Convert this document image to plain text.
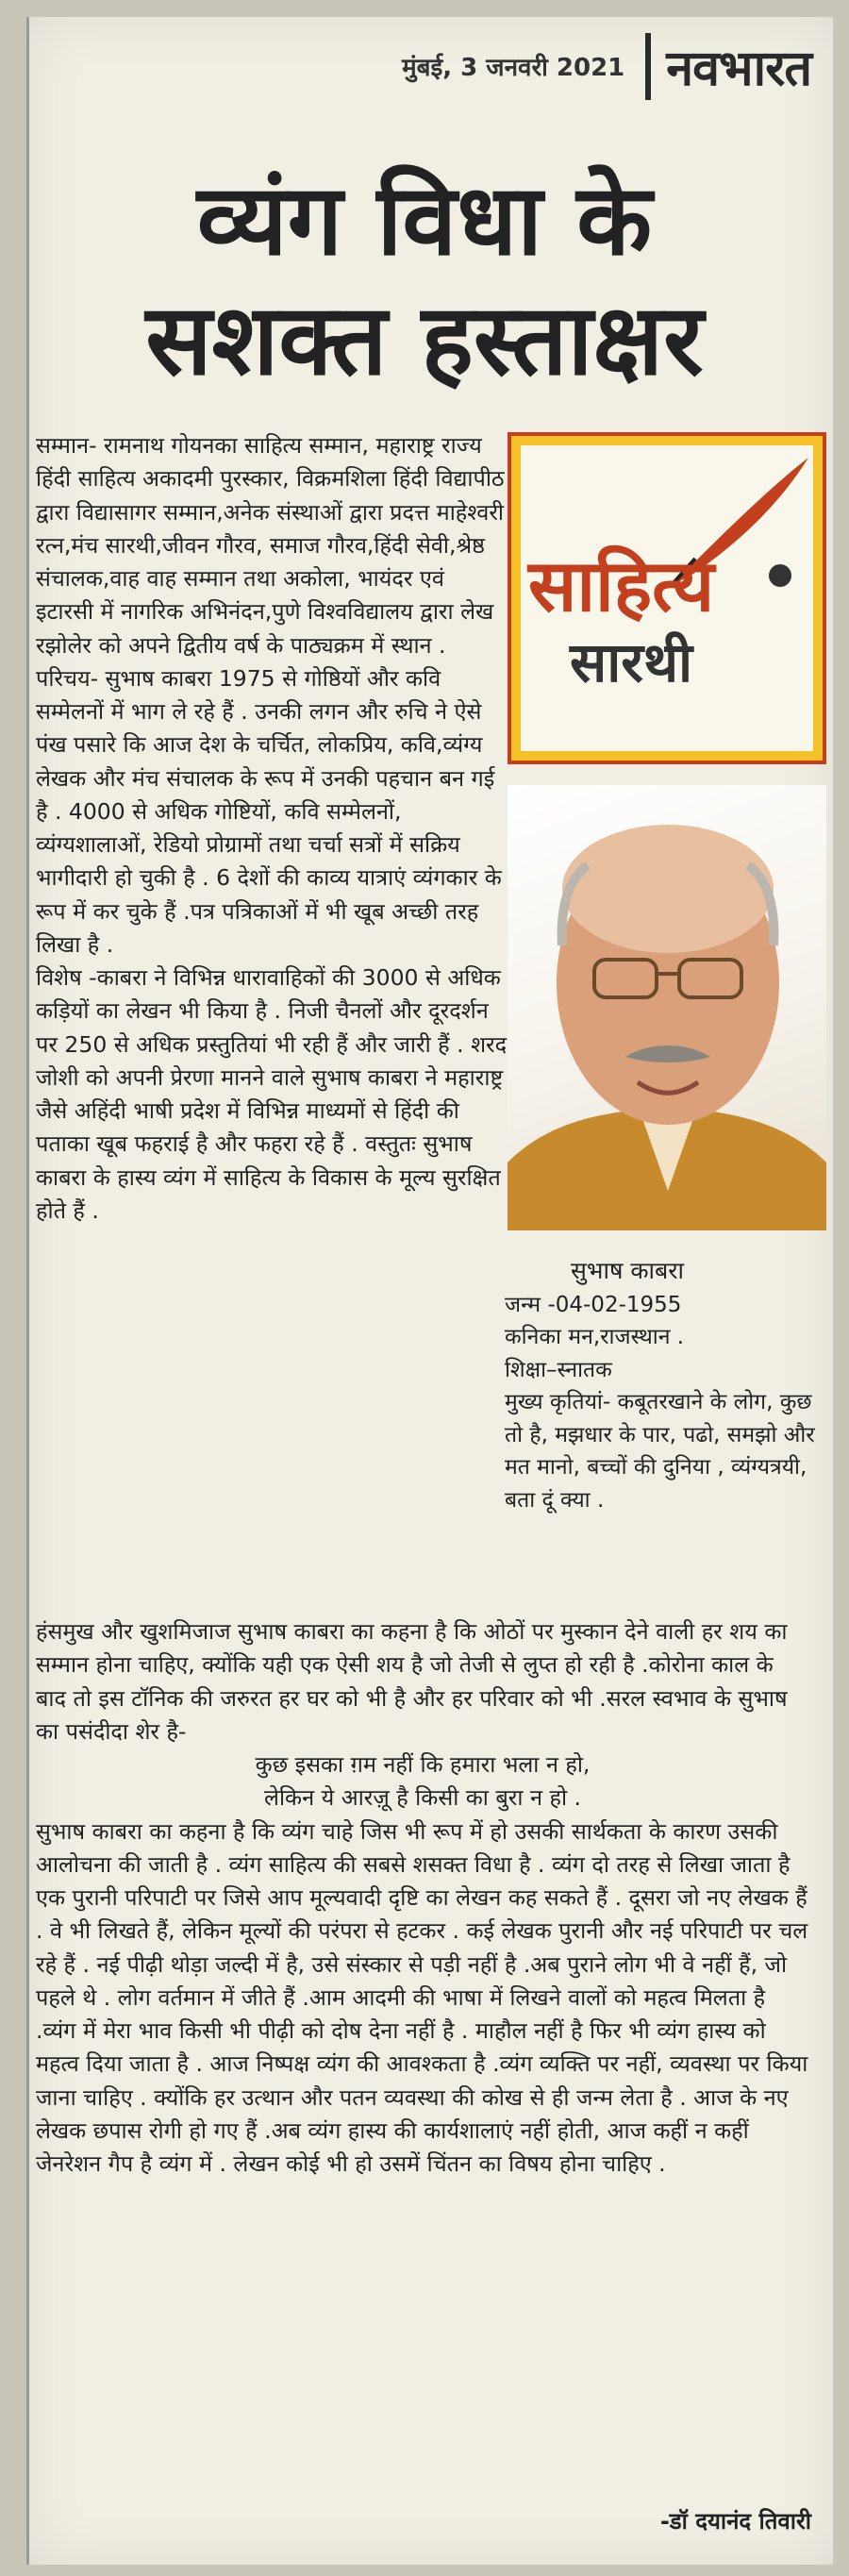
मुंबई, 3 जनवरी 2021 नवभारत
व्यंग विधा के
सशक्त हस्ताक्षर

सम्मान- रामनाथ गोयनका साहित्य सम्मान, महाराष्ट्र राज्य हिंदी साहित्य अकादमी पुरस्कार, विक्रमशिला हिंदी विद्यापीठ द्वारा विद्यासागर सम्मान,अनेक संस्थाओं द्वारा प्रदत्त माहेश्वरी रत्न,मंच सारथी,जीवन गौरव, समाज गौरव,हिंदी सेवी,श्रेष्ठ संचालक,वाह वाह सम्मान तथा अकोला, भायंदर एवं इटारसी में नागरिक अभिनंदन,पुणे विश्वविद्यालय द्वारा लेख रझोलेर को अपने द्वितीय वर्ष के पाठ्यक्रम में स्थान .

परिचय- सुभाष काबरा 1975 से गोष्ठियों और कवि सम्मेलनों में भाग ले रहे हैं . उनकी लगन और रुचि ने ऐसे पंख पसारे कि आज देश के चर्चित, लोकप्रिय, कवि,व्यंग्य लेखक और मंच संचालक के रूप में उनकी पहचान बन गई है . 4000 से अधिक गोष्टियों, कवि सम्मेलनों, व्यंग्यशालाओं, रेडियो प्रोग्रामों तथा चर्चा सत्रों में सक्रिय भागीदारी हो चुकी है . 6 देशों की काव्य यात्राएं व्यंगकार के रूप में कर चुके हैं .पत्र पत्रिकाओं में भी खूब अच्छी तरह लिखा है .

विशेष -काबरा ने विभिन्न धारावाहिकों की 3000 से अधिक कड़ियों का लेखन भी किया है . निजी चैनलों और दूरदर्शन पर 250 से अधिक प्रस्तुतियां भी रही हैं और जारी हैं . शरद जोशी को अपनी प्रेरणा मानने वाले सुभाष काबरा ने महाराष्ट्र जैसे अहिंदी भाषी प्रदेश में विभिन्न माध्यमों से हिंदी की पताका खूब फहराई है और फहरा रहे हैं . वस्तुतः सुभाष काबरा के हास्य व्यंग में साहित्य के विकास के मूल्य सुरक्षित होते हैं .

साहित्य
सारथी
सुभाष काबरा
जन्म -04-02-1955
कनिका मन,राजस्थान .
शिक्षा–स्नातक
मुख्य कृतियां- कबूतरखाने के लोग, कुछ तो है, मझधार के पार, पढो, समझो और मत मानो, बच्चों की दुनिया , व्यंग्यत्रयी, बता दूं क्या .

हंसमुख और खुशमिजाज सुभाष काबरा का कहना है कि ओठों पर मुस्कान देने वाली हर शय का सम्मान होना चाहिए, क्योंकि यही एक ऐसी शय है जो तेजी से लुप्त हो रही है .कोरोना काल के बाद तो इस टॉनिक की जरुरत हर घर को भी है और हर परिवार को भी .सरल स्वभाव के सुभाष का पसंदीदा शेर है-

कुछ इसका ग़म नहीं कि हमारा भला न हो,

लेकिन ये आरज़ू है किसी का बुरा न हो .

सुभाष काबरा का कहना है कि व्यंग चाहे जिस भी रूप में हो उसकी सार्थकता के कारण उसकी आलोचना की जाती है . व्यंग साहित्य की सबसे शसक्त विधा है . व्यंग दो तरह से लिखा जाता है एक पुरानी परिपाटी पर जिसे आप मूल्यवादी दृष्टि का लेखन कह सकते हैं . दूसरा जो नए लेखक हैं . वे भी लिखते हैं, लेकिन मूल्यों की परंपरा से हटकर . कई लेखक पुरानी और नई परिपाटी पर चल रहे हैं . नई पीढ़ी थोड़ा जल्दी में है, उसे संस्कार से पड़ी नहीं है .अब पुराने लोग भी वे नहीं हैं, जो पहले थे . लोग वर्तमान में जीते हैं .आम आदमी की भाषा में लिखने वालों को महत्व मिलता है .व्यंग में मेरा भाव किसी भी पीढ़ी को दोष देना नहीं है . माहौल नहीं है फिर भी व्यंग हास्य को महत्व दिया जाता है . आज निष्पक्ष व्यंग की आवश्कता है .व्यंग व्यक्ति पर नहीं, व्यवस्था पर किया जाना चाहिए . क्योंकि हर उत्थान और पतन व्यवस्था की कोख से ही जन्म लेता है . आज के नए लेखक छपास रोगी हो गए हैं .अब व्यंग हास्य की कार्यशालाएं नहीं होती, आज कहीं न कहीं जेनरेशन गैप है व्यंग में . लेखन कोई भी हो उसमें चिंतन का विषय होना चाहिए .

-डॉ दयानंद तिवारी
